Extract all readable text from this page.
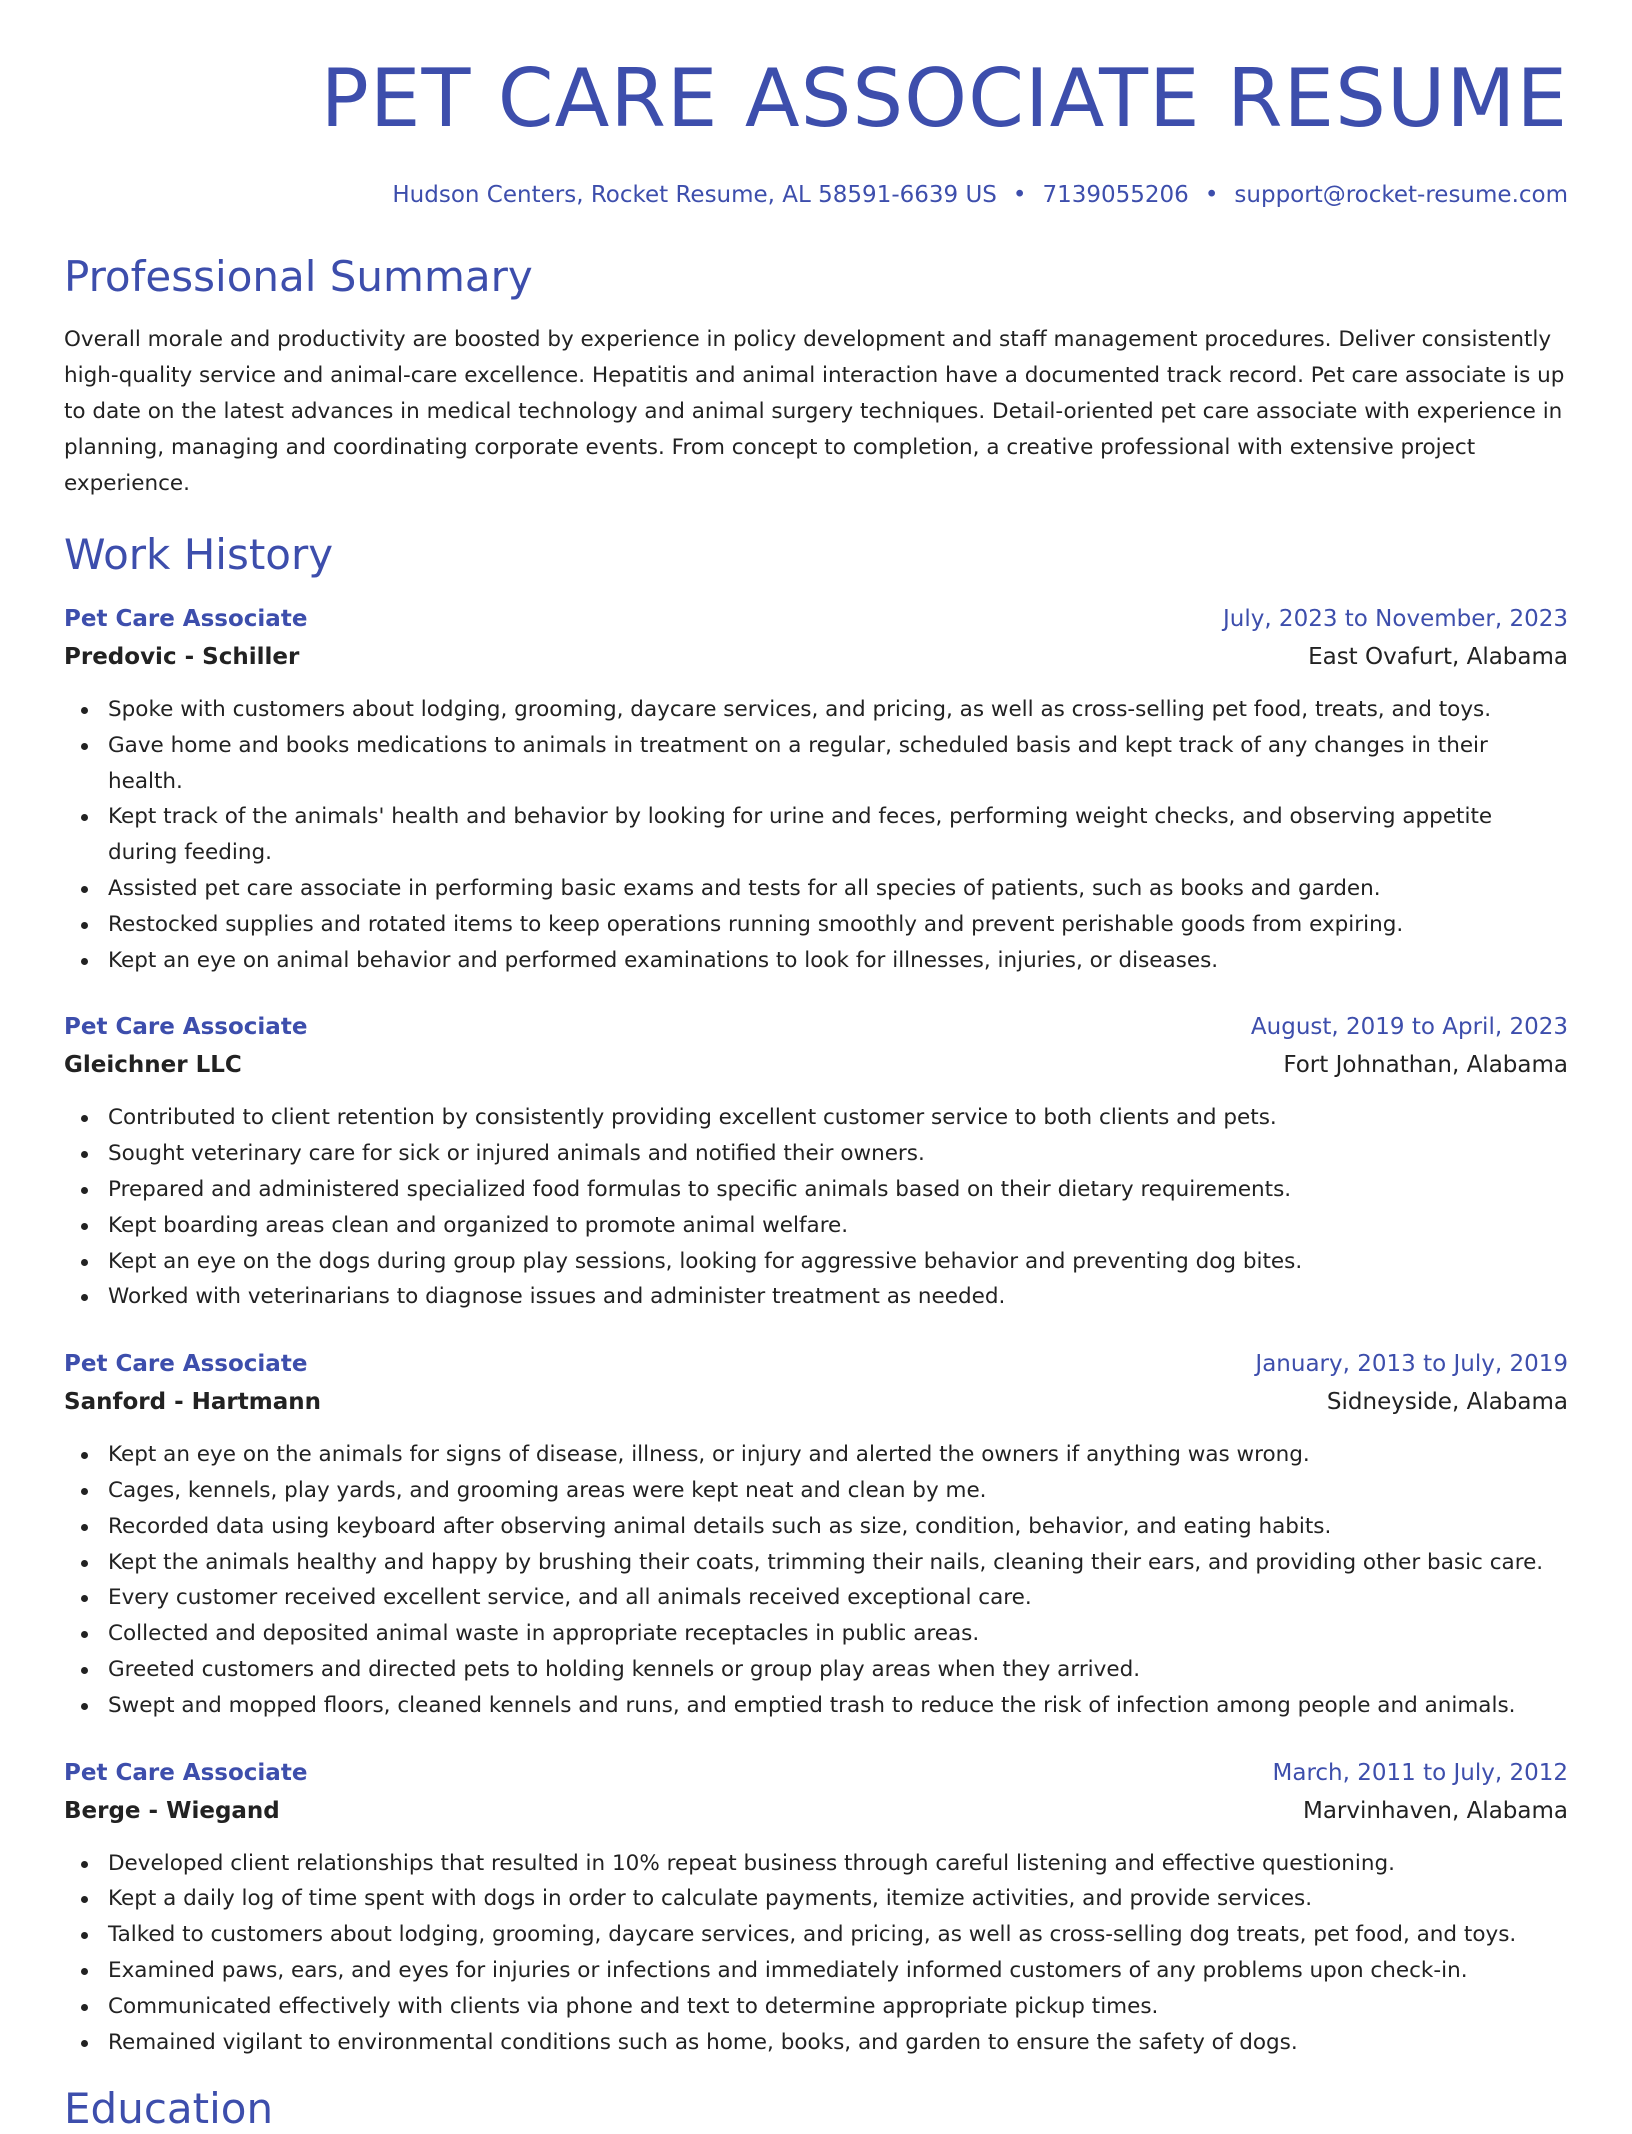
PET CARE ASSOCIATE RESUME
Hudson Centers, Rocket Resume, AL 58591-6639 US • 7139055206 • support@rocket-resume.com
Professional Summary

Overall morale and productivity are boosted by experience in policy development and staff management procedures. Deliver consistently high-quality service and animal-care excellence. Hepatitis and animal interaction have a documented track record. Pet care associate is up to date on the latest advances in medical technology and animal surgery techniques. Detail-oriented pet care associate with experience in planning, managing and coordinating corporate events. From concept to completion, a creative professional with extensive project experience.

Work History
Pet Care Associate	July, 2023 to November, 2023
Predovic - Schiller	East Ovafurt, Alabama
Spoke with customers about lodging, grooming, daycare services, and pricing, as well as cross-selling pet food, treats, and toys.
Gave home and books medications to animals in treatment on a regular, scheduled basis and kept track of any changes in their health.
Kept track of the animals' health and behavior by looking for urine and feces, performing weight checks, and observing appetite during feeding.
Assisted pet care associate in performing basic exams and tests for all species of patients, such as books and garden.
Restocked supplies and rotated items to keep operations running smoothly and prevent perishable goods from expiring.
Kept an eye on animal behavior and performed examinations to look for illnesses, injuries, or diseases.
Pet Care Associate	August, 2019 to April, 2023
Gleichner LLC	Fort Johnathan, Alabama
Contributed to client retention by consistently providing excellent customer service to both clients and pets.
Sought veterinary care for sick or injured animals and notified their owners.
Prepared and administered specialized food formulas to specific animals based on their dietary requirements.
Kept boarding areas clean and organized to promote animal welfare.
Kept an eye on the dogs during group play sessions, looking for aggressive behavior and preventing dog bites.
Worked with veterinarians to diagnose issues and administer treatment as needed.
Pet Care Associate	January, 2013 to July, 2019
Sanford - Hartmann	Sidneyside, Alabama
Kept an eye on the animals for signs of disease, illness, or injury and alerted the owners if anything was wrong.
Cages, kennels, play yards, and grooming areas were kept neat and clean by me.
Recorded data using keyboard after observing animal details such as size, condition, behavior, and eating habits.
Kept the animals healthy and happy by brushing their coats, trimming their nails, cleaning their ears, and providing other basic care.
Every customer received excellent service, and all animals received exceptional care.
Collected and deposited animal waste in appropriate receptacles in public areas.
Greeted customers and directed pets to holding kennels or group play areas when they arrived.
Swept and mopped floors, cleaned kennels and runs, and emptied trash to reduce the risk of infection among people and animals.
Pet Care Associate	March, 2011 to July, 2012
Berge - Wiegand	Marvinhaven, Alabama
Developed client relationships that resulted in 10% repeat business through careful listening and effective questioning.
Kept a daily log of time spent with dogs in order to calculate payments, itemize activities, and provide services.
Talked to customers about lodging, grooming, daycare services, and pricing, as well as cross-selling dog treats, pet food, and toys.
Examined paws, ears, and eyes for injuries or infections and immediately informed customers of any problems upon check-in.
Communicated effectively with clients via phone and text to determine appropriate pickup times.
Remained vigilant to environmental conditions such as home, books, and garden to ensure the safety of dogs.
Education
